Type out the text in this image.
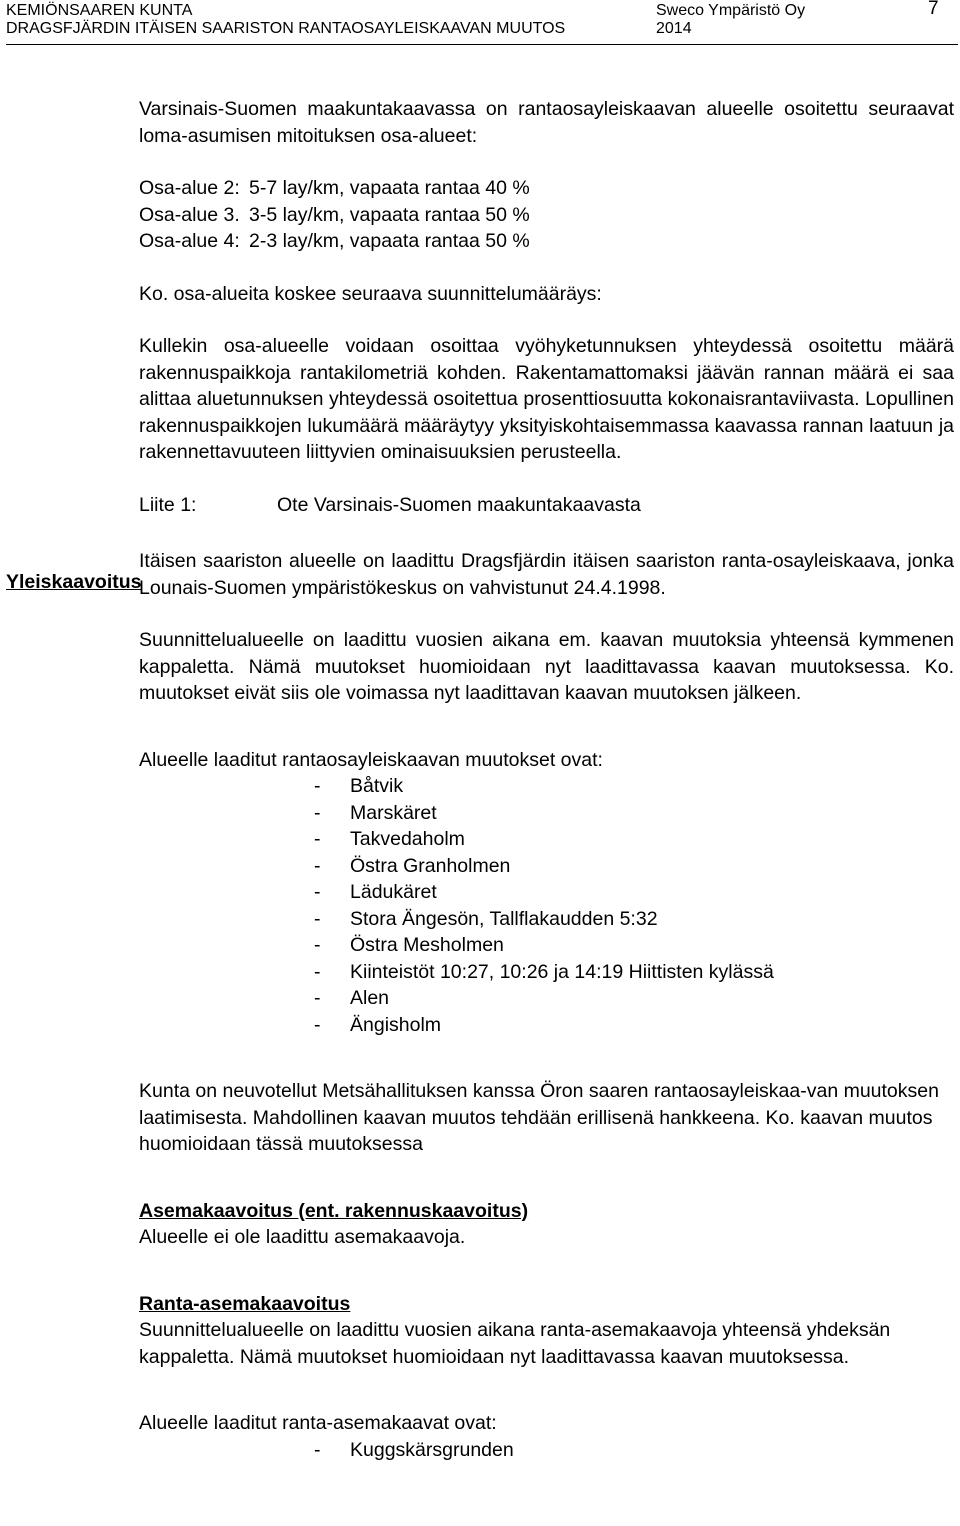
KEMIÖNSAAREN KUNTA
DRAGSFJÄRDIN ITÄISEN SAARISTON RANTAOSAYLEISKAAVAN MUUTOS
Sweco Ympäristö Oy
2014
7
Yleiskaavoitus

Varsinais-Suomen maakuntakaavassa on rantaosayleiskaavan alueelle osoitettu seuraavat loma-asumisen mitoituksen osa-alueet:

Osa-alue 2: 5-7 lay/km, vapaata rantaa 40 %
Osa-alue 3. 3-5 lay/km, vapaata rantaa 50 %
Osa-alue 4: 2-3 lay/km, vapaata rantaa 50 %

Ko. osa-alueita koskee seuraava suunnittelumääräys:

Kullekin osa-alueelle voidaan osoittaa vyöhyketunnuksen yhteydessä osoitettu määrä rakennuspaikkoja rantakilometriä kohden. Rakentamattomaksi jäävän rannan määrä ei saa alittaa aluetunnuksen yhteydessä osoitettua prosenttiosuutta kokonaisrantaviivasta. Lopullinen rakennuspaikkojen lukumäärä määräytyy yksityiskohtaisemmassa kaavassa rannan laatuun ja rakennettavuuteen liittyvien ominaisuuksien perusteella.

Liite 1:	Ote Varsinais-Suomen maakuntakaavasta

Itäisen saariston alueelle on laadittu Dragsfjärdin itäisen saariston ranta-osayleiskaava, jonka Lounais-Suomen ympäristökeskus on vahvistunut 24.4.1998.

Suunnittelualueelle on laadittu vuosien aikana em. kaavan muutoksia yhteensä kymmenen kappaletta. Nämä muutokset huomioidaan nyt laadittavassa kaavan muutoksessa. Ko. muutokset eivät siis ole voimassa nyt laadittavan kaavan muutoksen jälkeen.

Alueelle laaditut rantaosayleiskaavan muutokset ovat:

-	Båtvik
-	Marskäret
-	Takvedaholm
-	Östra Granholmen
-	Lädukäret
-	Stora Ängesön, Tallflakaudden 5:32
-	Östra Mesholmen
-	Kiinteistöt 10:27, 10:26 ja 14:19 Hiittisten kylässä
-	Alen
-	Ängisholm

Kunta on neuvotellut Metsähallituksen kanssa Öron saaren rantaosayleiskaa-van muutoksen laatimisesta. Mahdollinen kaavan muutos tehdään erillisenä hankkeena. Ko. kaavan muutos huomioidaan tässä muutoksessa

Asemakaavoitus (ent. rakennuskaavoitus)

Alueelle ei ole laadittu asemakaavoja.

Ranta-asemakaavoitus

Suunnittelualueelle on laadittu vuosien aikana ranta-asemakaavoja yhteensä yhdeksän kappaletta. Nämä muutokset huomioidaan nyt laadittavassa kaavan muutoksessa.

Alueelle laaditut ranta-asemakaavat ovat:

-	Kuggskärsgrunden
